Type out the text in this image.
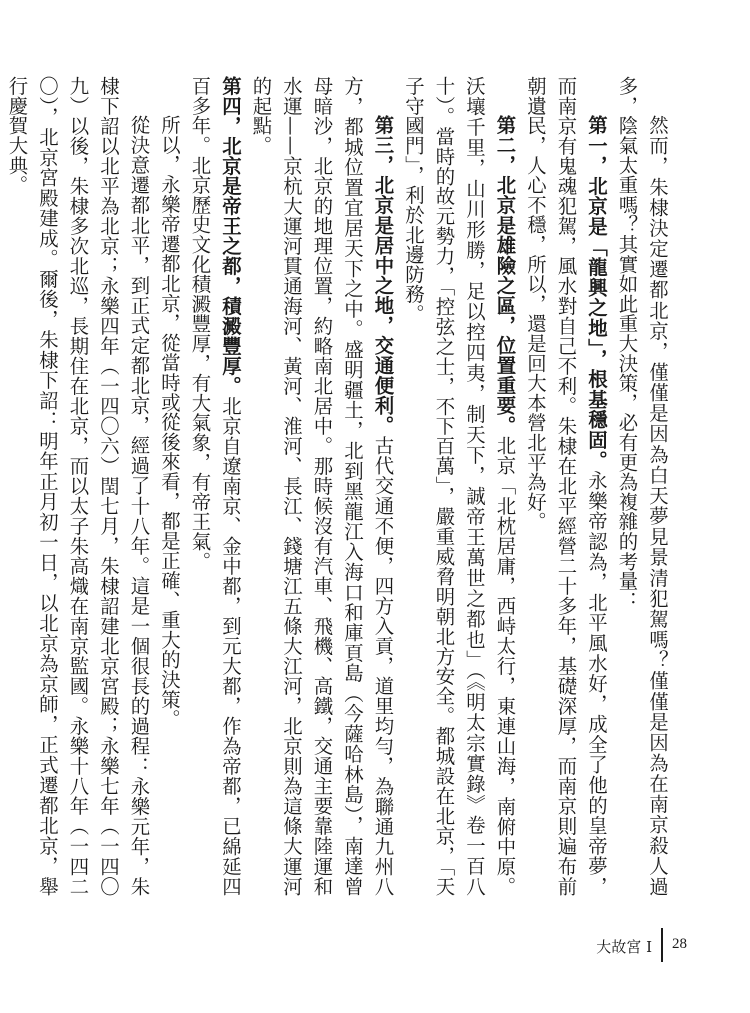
然而，朱棣決定遷都北京，僅僅是因為白天夢見景清犯駕嗎？僅僅是因為在南京殺人過多，陰氣太重嗎？其實如此重大決策，必有更為複雜的考量：

第一，北京是「龍興之地」，根基穩固。永樂帝認為，北平風水好，成全了他的皇帝夢，而南京有鬼魂犯駕，風水對自己不利。朱棣在北平經營二十多年，基礎深厚，而南京則遍布前朝遺民，人心不穩，所以，還是回大本營北平為好。

第二，北京是雄險之區，位置重要。北京「北枕居庸，西峙太行，東連山海，南俯中原。沃壤千里，山川形勝，足以控四夷，制天下，誠帝王萬世之都也」（《明太宗實錄》卷一百八十）。當時的故元勢力，「控弦之士，不下百萬」，嚴重威脅明朝北方安全。都城設在北京，「天子守國門」，利於北邊防務。

第三，北京是居中之地，交通便利。古代交通不便，四方入貢，道里均勻，為聯通九州八方，都城位置宜居天下之中。盛明疆土，北到黑龍江入海口和庫頁島（今薩哈林島），南達曾母暗沙，北京的地理位置，約略南北居中。那時候沒有汽車、飛機、高鐵，交通主要靠陸運和水運——京杭大運河貫通海河、黃河、淮河、長江、錢塘江五條大江河，北京則為這條大運河的起點。

第四，北京是帝王之都，積澱豐厚。北京自遼南京、金中都，到元大都，作為帝都，已綿延四百多年。北京歷史文化積澱豐厚，有大氣象，有帝王氣。

所以，永樂帝遷都北京，從當時或從後來看，都是正確、重大的決策。

從決意遷都北平，到正式定都北京，經過了十八年。這是一個很長的過程：永樂元年，朱棣下詔以北平為北京；永樂四年（一四〇六）閏七月，朱棣詔建北京宮殿；永樂七年（一四〇九）以後，朱棣多次北巡，長期住在北京，而以太子朱高熾在南京監國。永樂十八年（一四二〇），北京宮殿建成。爾後，朱棣下詔：明年正月初一日，以北京為京師，正式遷都北京，舉行慶賀大典。

大故宮 I 28
